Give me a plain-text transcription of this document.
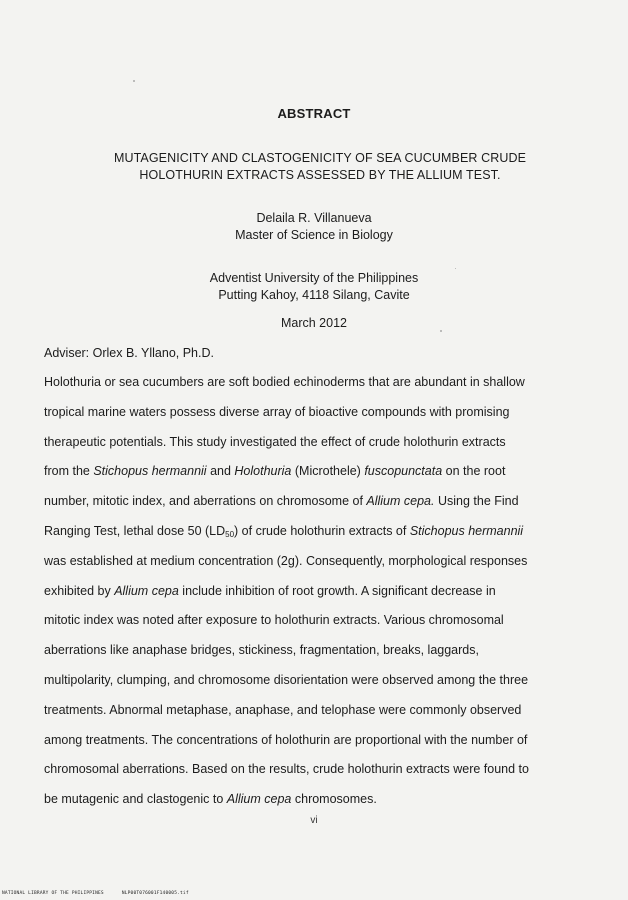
ABSTRACT
MUTAGENICITY AND CLASTOGENICITY OF SEA CUCUMBER CRUDE
HOLOTHURIN EXTRACTS ASSESSED BY THE ALLIUM TEST.
Delaila R. Villanueva
Master of Science in Biology
Adventist University of the Philippines
Putting Kahoy, 4118 Silang, Cavite
March 2012
Adviser: Orlex B. Yllano, Ph.D.
Holothuria or sea cucumbers are soft bodied echinoderms that are abundant in shallow
tropical marine waters possess diverse array of bioactive compounds with promising
therapeutic potentials. This study investigated the effect of crude holothurin extracts
from the Stichopus hermannii and Holothuria (Microthele) fuscopunctata on the root
number, mitotic index, and aberrations on chromosome of Allium cepa. Using the Find
Ranging Test, lethal dose 50 $(LD_{50})$ of crude holothurin extracts of Stichopus hermannii
was established at medium concentration (2g). Consequently, morphological responses
exhibited by Allium cepa include inhibition of root growth. A significant decrease in
mitotic index was noted after exposure to holothurin extracts. Various chromosomal
aberrations like anaphase bridges, stickiness, fragmentation, breaks, laggards,
multipolarity, clumping, and chromosome disorientation were observed among the three
treatments. Abnormal metaphase, anaphase, and telophase were commonly observed
among treatments. The concentrations of holothurin are proportional with the number of
chromosomal aberrations. Based on the results, crude holothurin extracts were found to
be mutagenic and clastogenic to Allium cepa chromosomes.
vi
NATIONAL LIBRARY OF THE PHILIPPINES	NLP00T076001F140005.tif
